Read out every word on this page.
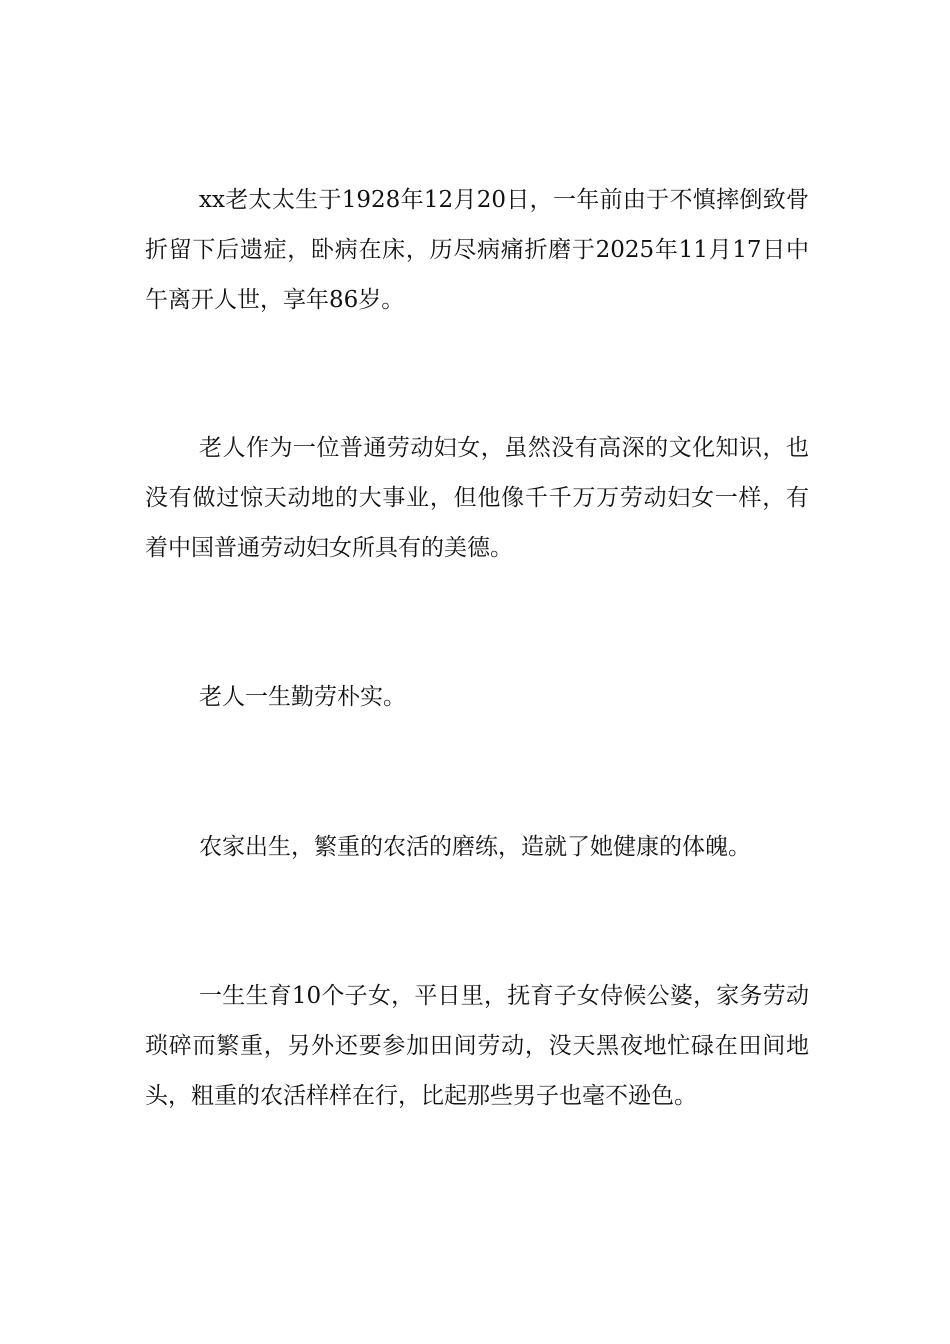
xx老太太生于1928年12月20日，一年前由于不慎摔倒致骨折留下后遗症，卧病在床，历尽病痛折磨于2025年11月17日中午离开人世，享年86岁。

老人作为一位普通劳动妇女，虽然没有高深的文化知识，也没有做过惊天动地的大事业，但他像千千万万劳动妇女一样，有着中国普通劳动妇女所具有的美德。

老人一生勤劳朴实。

农家出生，繁重的农活的磨练，造就了她健康的体魄。

一生生育10个子女，平日里，抚育子女侍候公婆，家务劳动琐碎而繁重，另外还要参加田间劳动，没天黑夜地忙碌在田间地头，粗重的农活样样在行，比起那些男子也毫不逊色。
